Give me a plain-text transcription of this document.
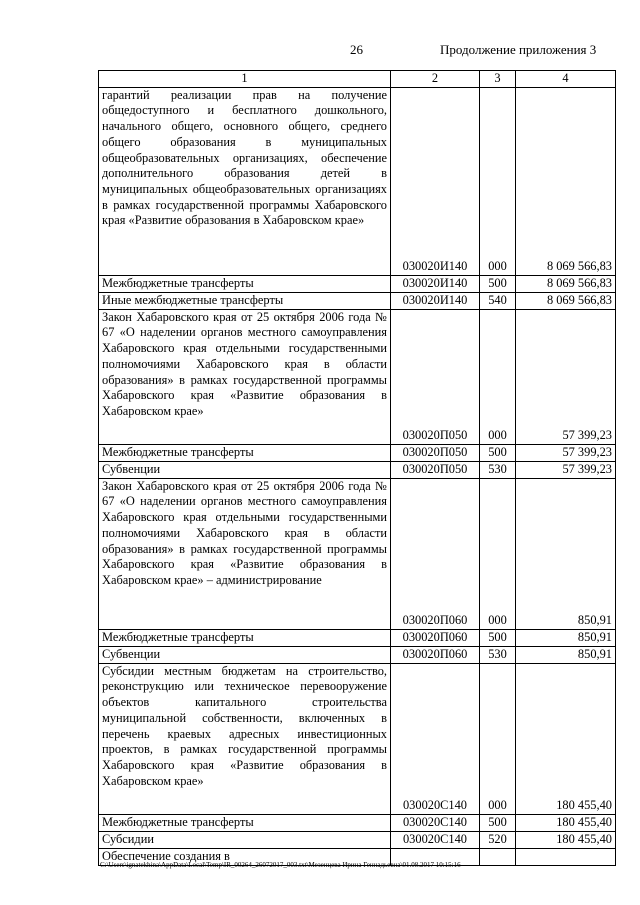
26	Продолжение приложения 3
1	2	3	4
гарантий реализации прав на получение общедоступного и бесплатного дошкольного, начального общего, основного общего, среднего общего образования в муниципальных общеобразовательных организациях, обеспечение дополнительного образования детей в муниципальных общеобразовательных организациях в рамках государственной программы Хабаровского края «Развитие образования в Хабаровском крае»	030020И140	000	8 069 566,83
Межбюджетные трансферты	030020И140	500	8 069 566,83
Иные межбюджетные трансферты	030020И140	540	8 069 566,83
Закон Хабаровского края от 25 октября 2006 года № 67 «О наделении органов местного самоуправления Хабаровского края отдельными государственными полномочиями Хабаровского края в области образования» в рамках государственной программы Хабаровского края «Развитие образования в Хабаровском крае»	030020П050	000	57 399,23
Межбюджетные трансферты	030020П050	500	57 399,23
Субвенции	030020П050	530	57 399,23
Закон Хабаровского края от 25 октября 2006 года № 67 «О наделении органов местного самоуправления Хабаровского края отдельными государственными полномочиями Хабаровского края в области образования» в рамках государственной программы Хабаровского края «Развитие образования в Хабаровском крае» – администрирование	030020П060	000	850,91
Межбюджетные трансферты	030020П060	500	850,91
Субвенции	030020П060	530	850,91
Субсидии местным бюджетам на строительство, реконструкцию или техническое перевооружение объектов капитального строительства муниципальной собственности, включенных в перечень краевых адресных инвестиционных проектов, в рамках государственной программы Хабаровского края «Развитие образования в Хабаровском крае»	030020С140	000	180 455,40
Межбюджетные трансферты	030020С140	500	180 455,40
Субсидии	030020С140	520	180 455,40
Обеспечение создания в			
C:\Users\ignatekhina\AppData\Local\Temp\IR_00264_26072017_003.txt\Мезенцева Ирина Геннадьевна\01.08.2017 10:15:16
